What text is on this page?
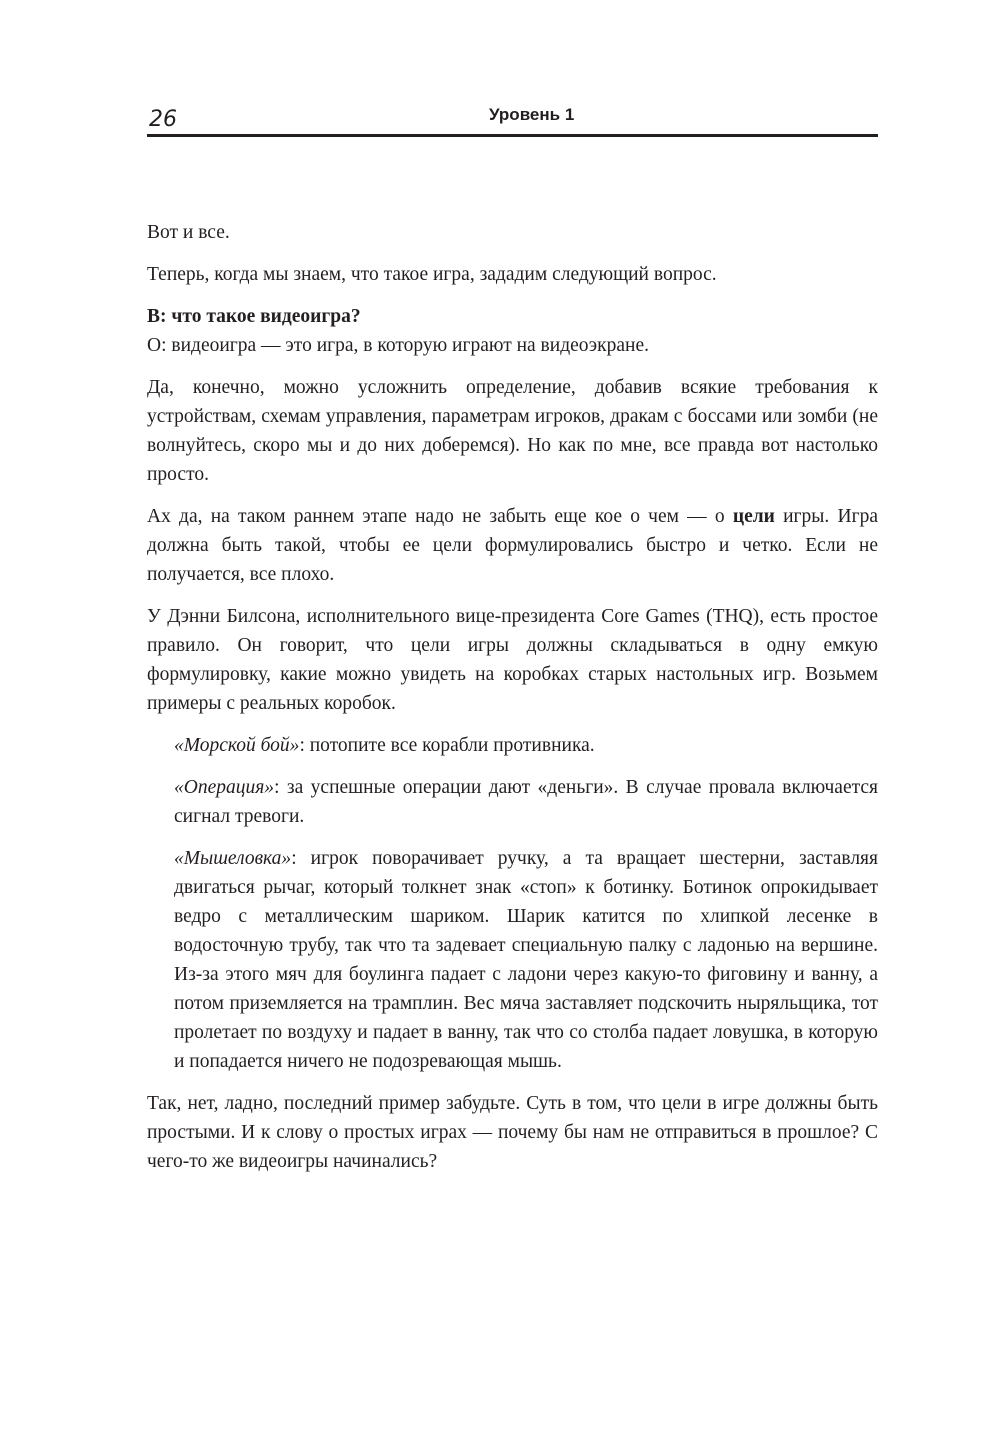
26	Уровень 1

Вот и все.

Теперь, когда мы знаем, что такое игра, зададим следующий вопрос.

В: что такое видеоигра?

О: видеоигра — это игра, в которую играют на видеоэкране.

Да, конечно, можно усложнить определение, добавив всякие требования к устройствам, схемам управления, параметрам игроков, дракам с боссами или зомби (не волнуйтесь, скоро мы и до них доберемся). Но как по мне, все правда вот настолько просто.

Ах да, на таком раннем этапе надо не забыть еще кое о чем — о цели игры. Игра должна быть такой, чтобы ее цели формулировались быстро и четко. Если не получается, все плохо.

У Дэнни Билсона, исполнительного вице-президента Core Games (THQ), есть простое правило. Он говорит, что цели игры должны складываться в одну емкую формулировку, какие можно увидеть на коробках старых настольных игр. Возьмем примеры с реальных коробок.

«Морской бой»: потопите все корабли противника.

«Операция»: за успешные операции дают «деньги». В случае провала включается сигнал тревоги.

«Мышеловка»: игрок поворачивает ручку, а та вращает шестерни, заставляя двигаться рычаг, который толкнет знак «стоп» к ботинку. Ботинок опрокидывает ведро с металлическим шариком. Шарик катится по хлипкой лесенке в водосточную трубу, так что та задевает специальную палку с ладонью на вершине. Из-за этого мяч для боулинга падает с ладони через какую-то фиговину и ванну, а потом приземляется на трамплин. Вес мяча заставляет подскочить ныряльщика, тот пролетает по воздуху и падает в ванну, так что со столба падает ловушка, в которую и попадается ничего не подозревающая мышь.

Так, нет, ладно, последний пример забудьте. Суть в том, что цели в игре должны быть простыми. И к слову о простых играх — почему бы нам не отправиться в прошлое? С чего-то же видеоигры начинались?
